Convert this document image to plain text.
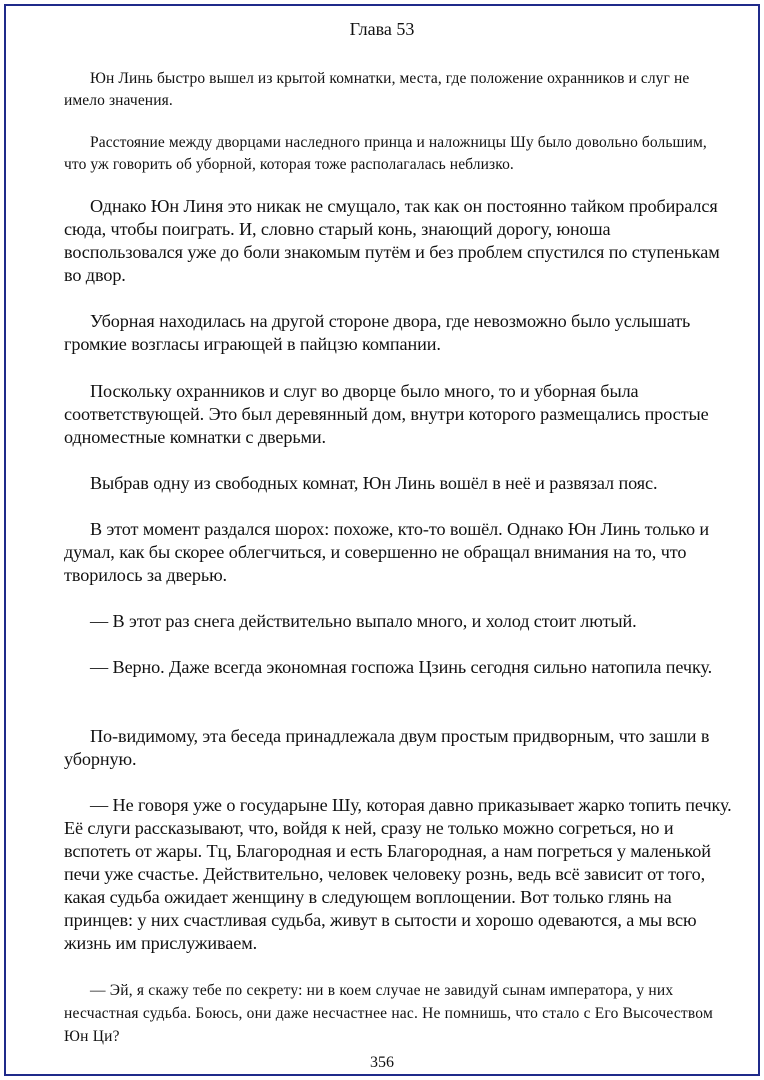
Глава 53

Юн Линь быстро вышел из крытой комнатки, места, где положение охранников и слуг не имело значения.

Расстояние между дворцами наследного принца и наложницы Шу было довольно большим, что уж говорить об уборной, которая тоже располагалась неблизко.

Однако Юн Линя это никак не смущало, так как он постоянно тайком пробирался сюда, чтобы поиграть. И, словно старый конь, знающий дорогу, юноша воспользовался уже до боли знакомым путём и без проблем спустился по ступенькам во двор.

Уборная находилась на другой стороне двора, где невозможно было услышать громкие возгласы играющей в пайцзю компании.

Поскольку охранников и слуг во дворце было много, то и уборная была соответствующей. Это был деревянный дом, внутри которого размещались простые одноместные комнатки с дверьми.

Выбрав одну из свободных комнат, Юн Линь вошёл в неё и развязал пояс.

В этот момент раздался шорох: похоже, кто-то вошёл. Однако Юн Линь только и думал, как бы скорее облегчиться, и совершенно не обращал внимания на то, что творилось за дверью.

— В этот раз снега действительно выпало много, и холод стоит лютый.

— Верно. Даже всегда экономная госпожа Цзинь сегодня сильно натопила печку.

По-видимому, эта беседа принадлежала двум простым придворным, что зашли в уборную.

— Не говоря уже о государыне Шу, которая давно приказывает жарко топить печку. Её слуги рассказывают, что, войдя к ней, сразу не только можно согреться, но и вспотеть от жары. Тц, Благородная и есть Благородная, а нам погреться у маленькой печи уже счастье. Действительно, человек человеку рознь, ведь всё зависит от того, какая судьба ожидает женщину в следующем воплощении. Вот только глянь на принцев: у них счастливая судьба, живут в сытости и хорошо одеваются, а мы всю жизнь им прислуживаем.

— Эй, я скажу тебе по секрету: ни в коем случае не завидуй сынам императора, у них несчастная судьба. Боюсь, они даже несчастнее нас. Не помнишь, что стало с Его Высочеством Юн Ци?

356
